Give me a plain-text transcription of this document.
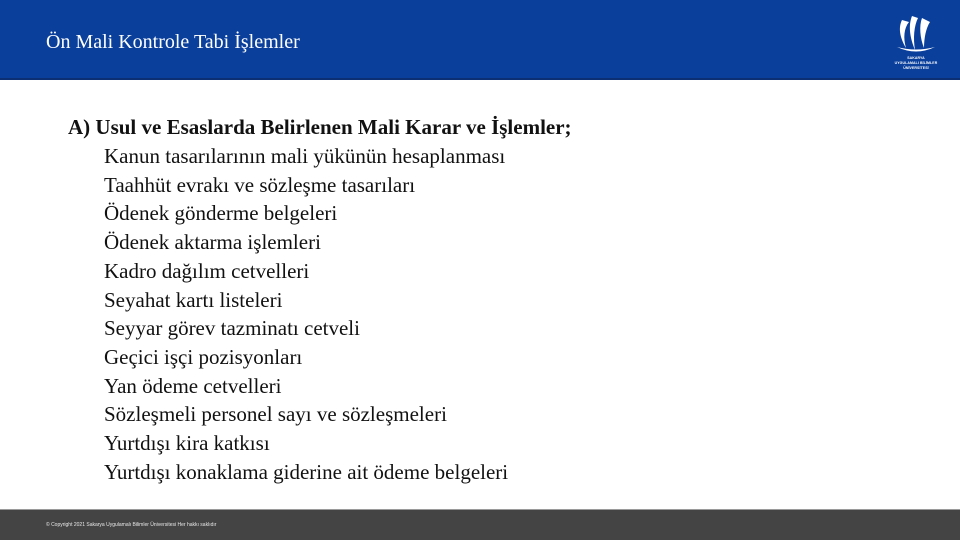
Ön Mali Kontrole Tabi İşlemler
SAKARYA
UYGULAMALI BİLİMLER
ÜNİVERSİTESİ

A) Usul ve Esaslarda Belirlenen Mali Karar ve İşlemler;

Kanun tasarılarının mali yükünün hesaplanması
Taahhüt evrakı ve sözleşme tasarıları
Ödenek gönderme belgeleri
Ödenek aktarma işlemleri
Kadro dağılım cetvelleri
Seyahat kartı listeleri
Seyyar görev tazminatı cetveli
Geçici işçi pozisyonları
Yan ödeme cetvelleri
Sözleşmeli personel sayı ve sözleşmeleri
Yurtdışı kira katkısı
Yurtdışı konaklama giderine ait ödeme belgeleri
© Copyright 2021 Sakarya Uygulamalı Bilimler Üniversitesi Her hakkı saklıdır
